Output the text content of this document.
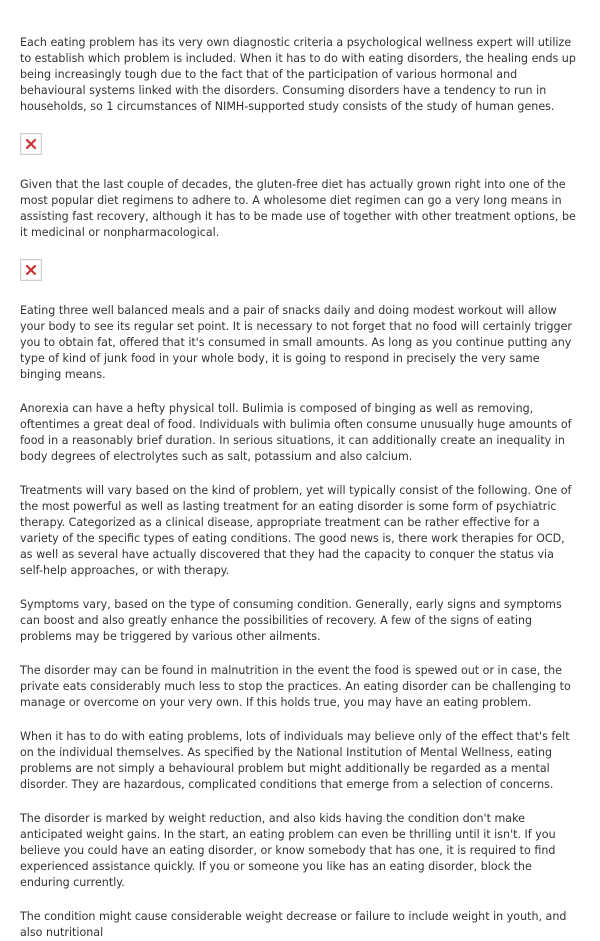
Each eating problem has its very own diagnostic criteria a psychological wellness expert will utilize to establish which problem is included. When it has to do with eating disorders, the healing ends up being increasingly tough due to the fact that of the participation of various hormonal and behavioural systems linked with the disorders. Consuming disorders have a tendency to run in households, so 1 circumstances of NIMH-supported study consists of the study of human genes.

Given that the last couple of decades, the gluten-free diet has actually grown right into one of the most popular diet regimens to adhere to. A wholesome diet regimen can go a very long means in assisting fast recovery, although it has to be made use of together with other treatment options, be it medicinal or nonpharmacological.

Eating three well balanced meals and a pair of snacks daily and doing modest workout will allow your body to see its regular set point. It is necessary to not forget that no food will certainly trigger you to obtain fat, offered that it's consumed in small amounts. As long as you continue putting any type of kind of junk food in your whole body, it is going to respond in precisely the very same binging means.

Anorexia can have a hefty physical toll. Bulimia is composed of binging as well as removing, oftentimes a great deal of food. Individuals with bulimia often consume unusually huge amounts of food in a reasonably brief duration. In serious situations, it can additionally create an inequality in body degrees of electrolytes such as salt, potassium and also calcium.

Treatments will vary based on the kind of problem, yet will typically consist of the following. One of the most powerful as well as lasting treatment for an eating disorder is some form of psychiatric therapy. Categorized as a clinical disease, appropriate treatment can be rather effective for a variety of the specific types of eating conditions. The good news is, there work therapies for OCD, as well as several have actually discovered that they had the capacity to conquer the status via self-help approaches, or with therapy.

Symptoms vary, based on the type of consuming condition. Generally, early signs and symptoms can boost and also greatly enhance the possibilities of recovery. A few of the signs of eating problems may be triggered by various other ailments.

The disorder may can be found in malnutrition in the event the food is spewed out or in case, the private eats considerably much less to stop the practices. An eating disorder can be challenging to manage or overcome on your very own. If this holds true, you may have an eating problem.

When it has to do with eating problems, lots of individuals may believe only of the effect that's felt on the individual themselves. As specified by the National Institution of Mental Wellness, eating problems are not simply a behavioural problem but might additionally be regarded as a mental disorder. They are hazardous, complicated conditions that emerge from a selection of concerns.

The disorder is marked by weight reduction, and also kids having the condition don't make anticipated weight gains. In the start, an eating problem can even be thrilling until it isn't. If you believe you could have an eating disorder, or know somebody that has one, it is required to find experienced assistance quickly. If you or someone you like has an eating disorder, block the enduring currently.

The condition might cause considerable weight decrease or failure to include weight in youth, and also nutritional
